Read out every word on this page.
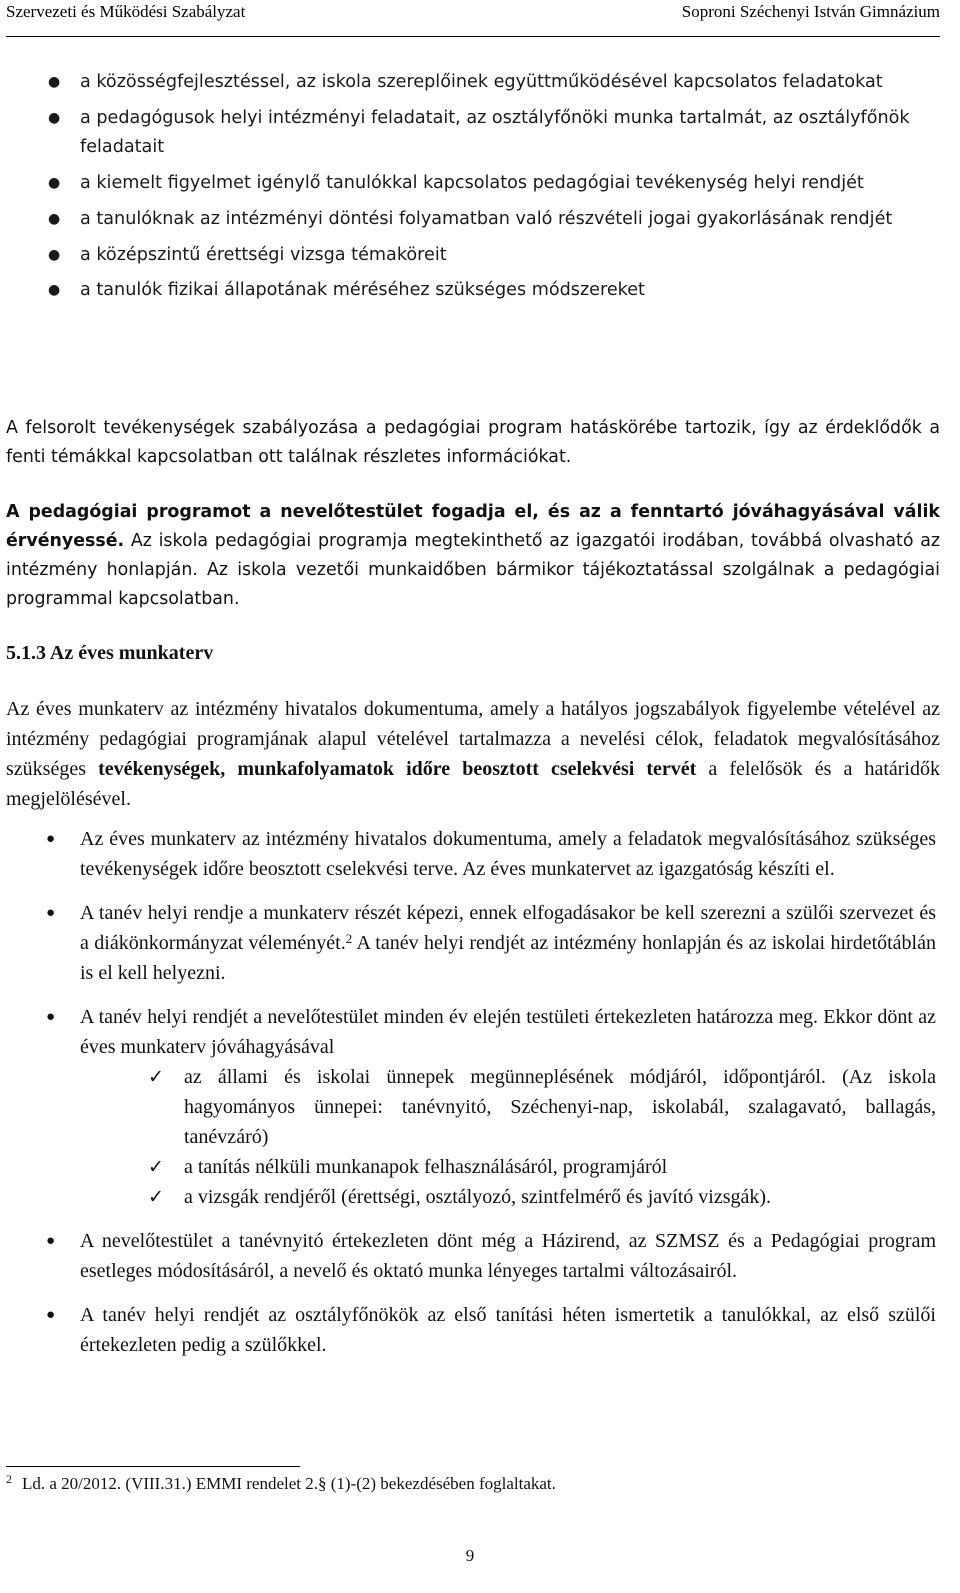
Szervezeti és Működési Szabályzat	Soproni Széchenyi István Gimnázium
● a közösségfejlesztéssel, az iskola szereplőinek együttműködésével kapcsolatos feladatokat
● a pedagógusok helyi intézményi feladatait, az osztályfőnöki munka tartalmát, az osztályfőnök feladatait
● a kiemelt figyelmet igénylő tanulókkal kapcsolatos pedagógiai tevékenység helyi rendjét
● a tanulóknak az intézményi döntési folyamatban való részvételi jogai gyakorlásának rendjét
● a középszintű érettségi vizsga témaköreit
● a tanulók fizikai állapotának méréséhez szükséges módszereket

A felsorolt tevékenységek szabályozása a pedagógiai program hatáskörébe tartozik, így az érdeklődők a fenti témákkal kapcsolatban ott találnak részletes információkat.

A pedagógiai programot a nevelőtestület fogadja el, és az a fenntartó jóváhagyásával válik érvényessé. Az iskola pedagógiai programja megtekinthető az igazgatói irodában, továbbá olvasható az intézmény honlapján. Az iskola vezetői munkaidőben bármikor tájékoztatással szolgálnak a pedagógiai programmal kapcsolatban.

5.1.3 Az éves munkaterv

Az éves munkaterv az intézmény hivatalos dokumentuma, amely a hatályos jogszabályok figyelembe vételével az intézmény pedagógiai programjának alapul vételével tartalmazza a nevelési célok, feladatok megvalósításához szükséges tevékenységek, munkafolyamatok időre beosztott cselekvési tervét a felelősök és a határidők megjelölésével.

● Az éves munkaterv az intézmény hivatalos dokumentuma, amely a feladatok megvalósításához szükséges tevékenységek időre beosztott cselekvési terve. Az éves munkatervet az igazgatóság készíti el.
● A tanév helyi rendje a munkaterv részét képezi, ennek elfogadásakor be kell szerezni a szülői szervezet és a diákönkormányzat véleményét.$^2$ A tanév helyi rendjét az intézmény honlapján és az iskolai hirdetőtáblán is el kell helyezni.
● A tanév helyi rendjét a nevelőtestület minden év elején testületi értekezleten határozza meg. Ekkor dönt az éves munkaterv jóváhagyásával
✓ az állami és iskolai ünnepek megünneplésének módjáról, időpontjáról. (Az iskola hagyományos ünnepei: tanévnyitó, Széchenyi-nap, iskolabál, szalagavató, ballagás, tanévzáró)
✓ a tanítás nélküli munkanapok felhasználásáról, programjáról
✓ a vizsgák rendjéről (érettségi, osztályozó, szintfelmérő és javító vizsgák).
● A nevelőtestület a tanévnyitó értekezleten dönt még a Házirend, az SZMSZ és a Pedagógiai program esetleges módosításáról, a nevelő és oktató munka lényeges tartalmi változásairól.
● A tanév helyi rendjét az osztályfőnökök az első tanítási héten ismertetik a tanulókkal, az első szülői értekezleten pedig a szülőkkel.
$^2$ Ld. a 20/2012. (VIII.31.) EMMI rendelet 2.§ (1)-(2) bekezdésében foglaltakat.
9
